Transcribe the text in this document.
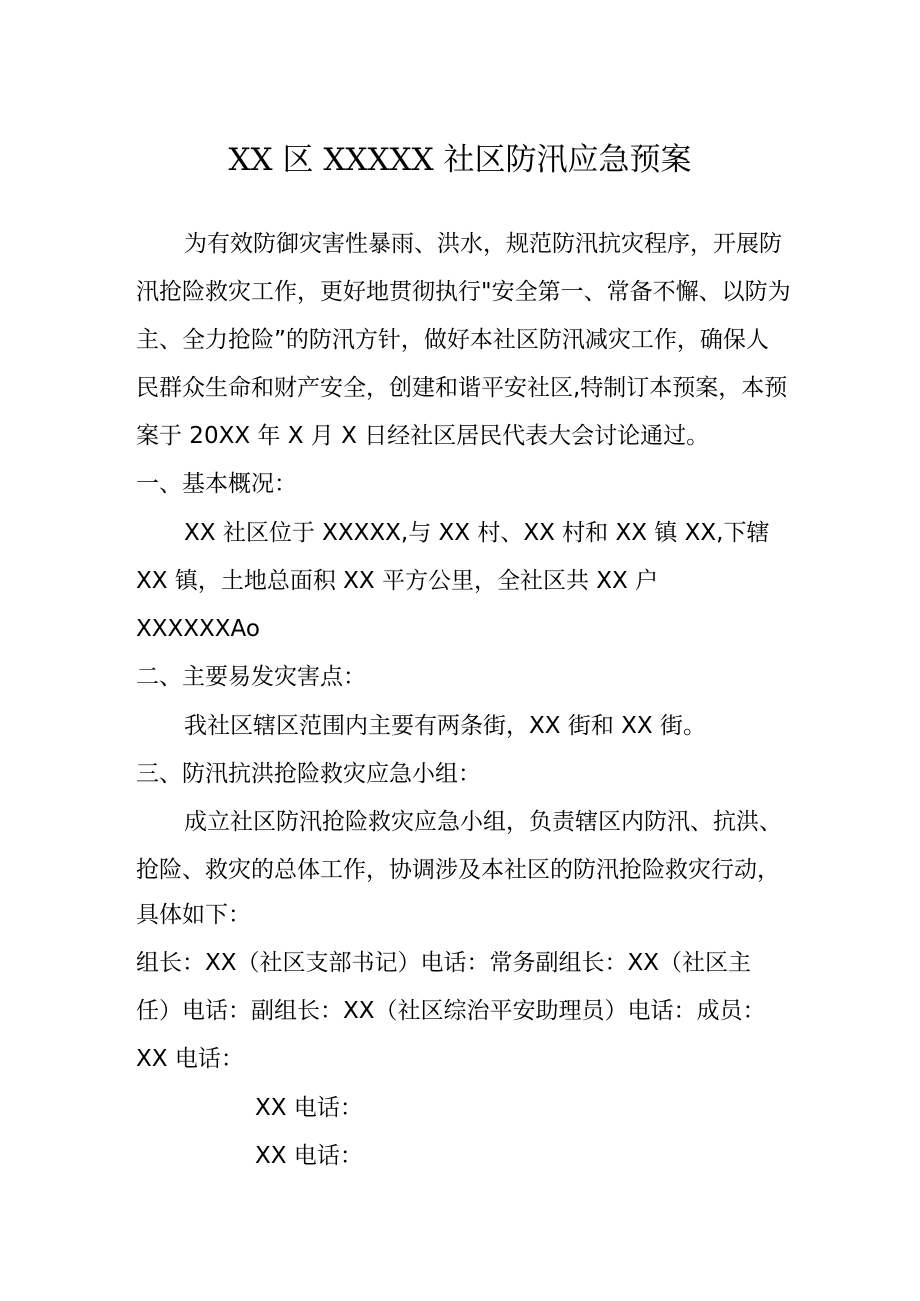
XX 区 XXXXX 社区防汛应急预案
为有效防御灾害性暴雨、洪水，规范防汛抗灾程序，开展防
汛抢险救灾工作，更好地贯彻执行"安全第一、常备不懈、以防为
主、全力抢险”的防汛方针，做好本社区防汛减灾工作，确保人
民群众生命和财产安全，创建和谐平安社区,特制订本预案，本预
案于 20XX 年 X 月 X 日经社区居民代表大会讨论通过。
一、基本概况：
XX 社区位于 XXXXX,与 XX 村、XX 村和 XX 镇 XX,下辖
XX 镇，土地总面积 XX 平方公里，全社区共 XX 户
XXXXXXAo
二、主要易发灾害点：
我社区辖区范围内主要有两条街，XX 街和 XX 街。
三、防汛抗洪抢险救灾应急小组：
成立社区防汛抢险救灾应急小组，负责辖区内防汛、抗洪、
抢险、救灾的总体工作，协调涉及本社区的防汛抢险救灾行动，
具体如下：
组长：XX（社区支部书记）电话：常务副组长：XX（社区主
任）电话：副组长：XX（社区综治平安助理员）电话：成员：
XX 电话：
XX 电话：
XX 电话：
